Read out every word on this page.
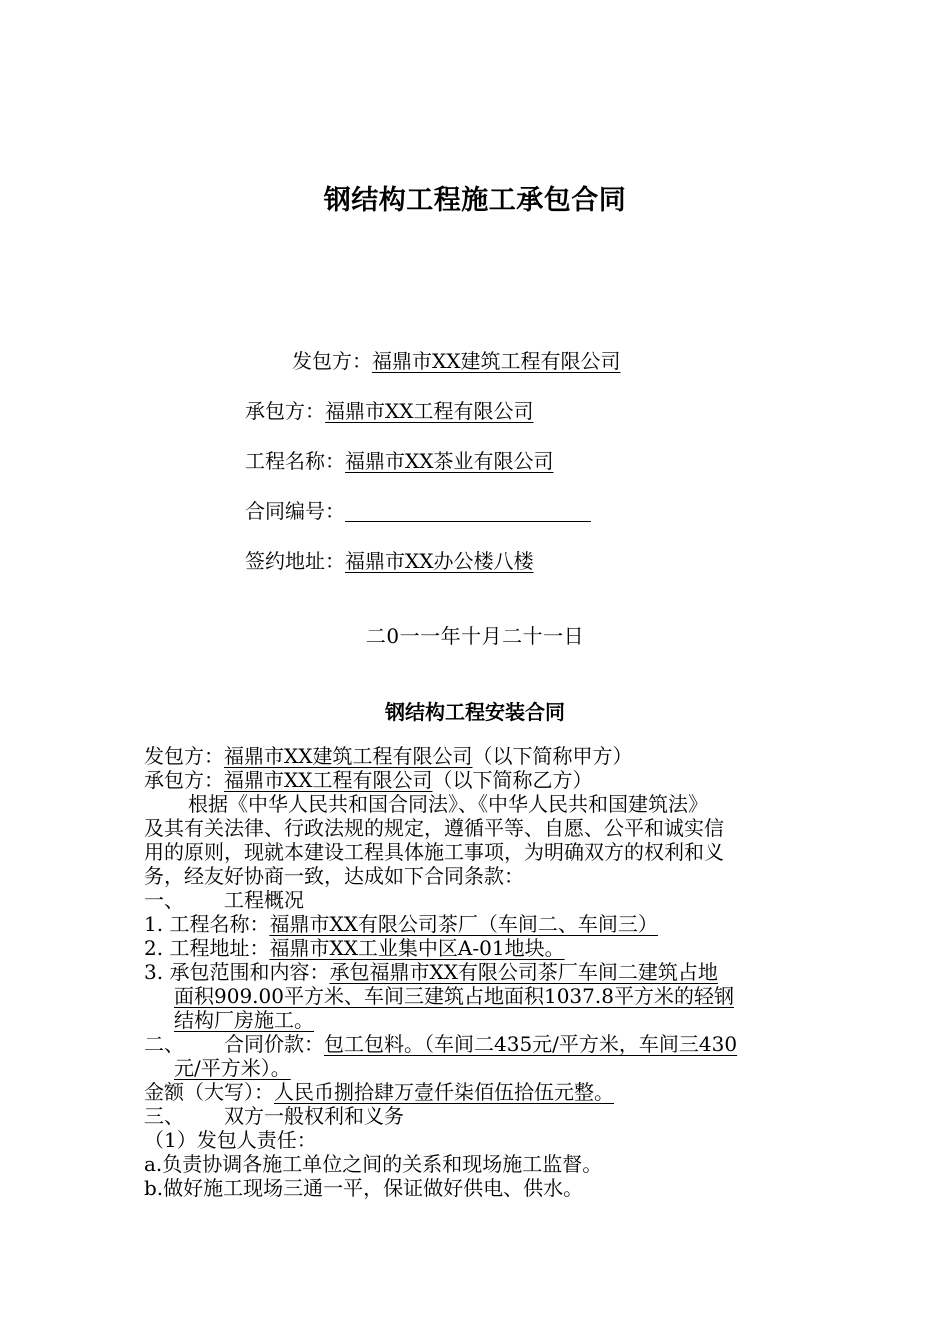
钢结构工程施工承包合同
发包方：福鼎市XX建筑工程有限公司
承包方：福鼎市XX工程有限公司
工程名称：福鼎市XX茶业有限公司
合同编号：
签约地址：福鼎市XX办公楼八楼
二0一一年十月二十一日
钢结构工程安装合同
发包方：福鼎市XX建筑工程有限公司（以下简称甲方）
承包方：福鼎市XX工程有限公司（以下简称乙方）
根据《中华人民共和国合同法》、《中华人民共和国建筑法》
及其有关法律、行政法规的规定，遵循平等、自愿、公平和诚实信
用的原则，现就本建设工程具体施工事项，为明确双方的权利和义
务，经友好协商一致，达成如下合同条款：
一、 工程概况
1. 工程名称：福鼎市XX有限公司茶厂（车间二、车间三）
2. 工程地址：福鼎市XX工业集中区A-01地块。
3. 承包范围和内容：承包福鼎市XX有限公司茶厂车间二建筑占地
面积909.00平方米、车间三建筑占地面积1037.8平方米的轻钢
结构厂房施工。
二、 合同价款：包工包料。（车间二435元/平方米，车间三430
元/平方米）。
金额（大写）：人民币捌拾肆万壹仟柒佰伍拾伍元整。
三、 双方一般权利和义务
（1）发包人责任：
a.负责协调各施工单位之间的关系和现场施工监督。
b.做好施工现场三通一平，保证做好供电、供水。
